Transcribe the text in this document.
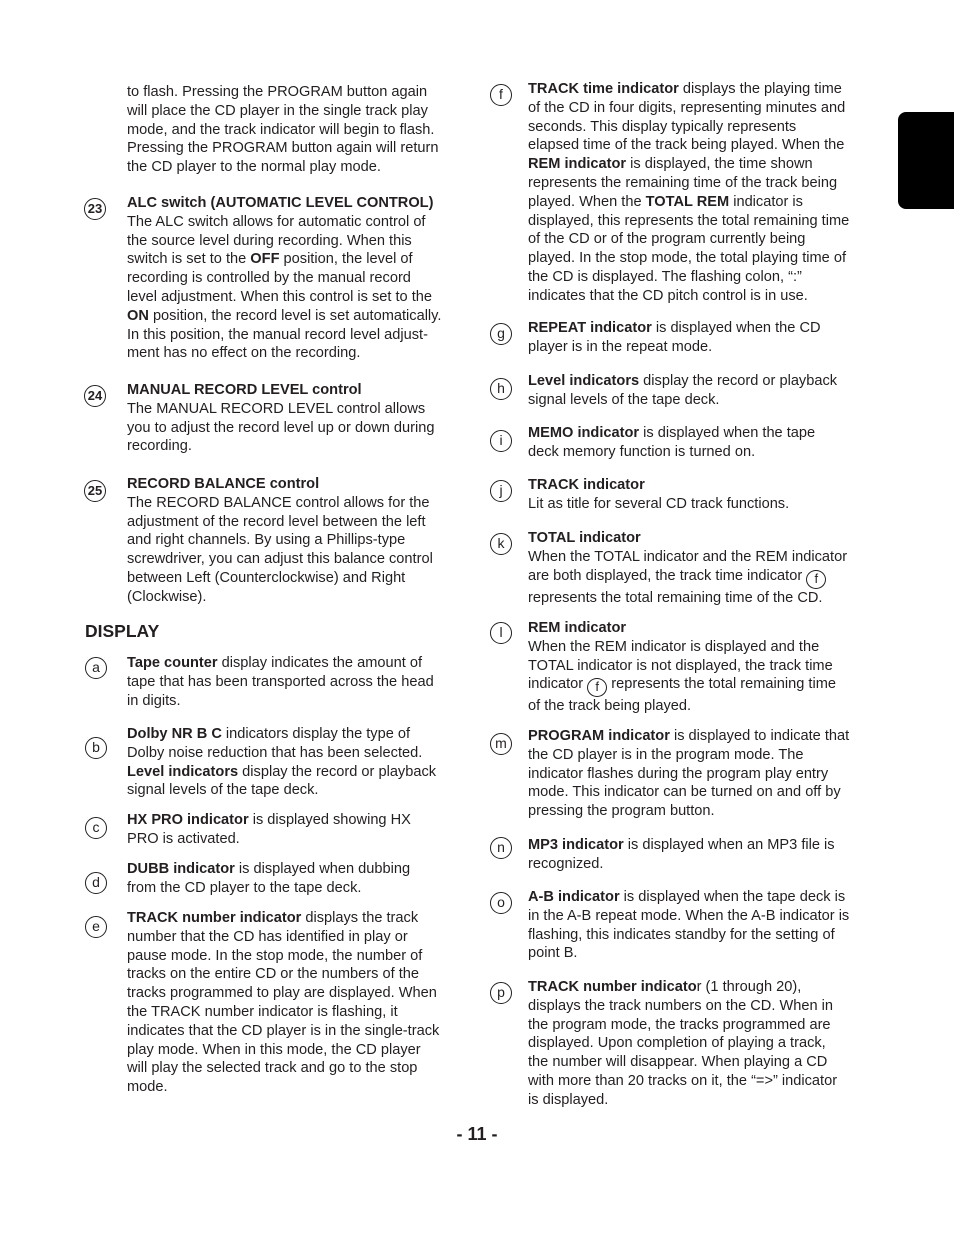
to flash. Pressing the PROGRAM button again

will place the CD player in the single track play

mode, and the track indicator will begin to flash.

Pressing the PROGRAM button again will return

the CD player to the normal play mode.

23 ALC switch (AUTOMATIC LEVEL CONTROL)

The ALC switch allows for automatic control of

the source level during recording. When this

switch is set to the OFF position, the level of

recording is controlled by the manual record

level adjustment. When this control is set to the

ON position, the record level is set automatically.

In this position, the manual record level adjust-

ment has no effect on the recording.

24 MANUAL RECORD LEVEL control

The MANUAL RECORD LEVEL control allows

you to adjust the record level up or down during

recording.

25 RECORD BALANCE control

The RECORD BALANCE control allows for the

adjustment of the record level between the left

and right channels. By using a Phillips-type

screwdriver, you can adjust this balance control

between Left (Counterclockwise) and Right

(Clockwise).

DISPLAY
a	Tape counter display indicates the amount of

tape that has been transported across the head

in digits.

b

Dolby NR B C indicators display the type of

Dolby noise reduction that has been selected.

Level indicators display the record or playback

signal levels of the tape deck.

c	HX PRO indicator is displayed showing HX

PRO is activated.

d

DUBB indicator is displayed when dubbing

from the CD player to the tape deck.

e	TRACK number indicator displays the track

number that the CD has identified in play or

pause mode. In the stop mode, the number of

tracks on the entire CD or the numbers of the

tracks programmed to play are displayed. When

the TRACK number indicator is flashing, it

indicates that the CD player is in the single-track

play mode. When in this mode, the CD player

will play the selected track and go to the stop

mode.

f	TRACK time indicator displays the playing time

of the CD in four digits, representing minutes and

seconds. This display typically represents

elapsed time of the track being played. When the

REM indicator is displayed, the time shown

represents the remaining time of the track being

played. When the TOTAL REM indicator is

displayed, this represents the total remaining time

of the CD or of the program currently being

played. In the stop mode, the total playing time of

the CD is displayed. The flashing colon, “:”

indicates that the CD pitch control is in use.

g	REPEAT indicator is displayed when the CD

player is in the repeat mode.

h	Level indicators display the record or playback

signal levels of the tape deck.

i	MEMO indicator is displayed when the tape

deck memory function is turned on.

j	TRACK indicator

Lit as title for several CD track functions.

k	TOTAL indicator

When the TOTAL indicator and the REM indicator

are both displayed, the track time indicator f

represents the total remaining time of the CD.

l	REM indicator

When the REM indicator is displayed and the

TOTAL indicator is not displayed, the track time

indicator f represents the total remaining time

of the track being played.

m	PROGRAM indicator is displayed to indicate that

the CD player is in the program mode. The

indicator flashes during the program play entry

mode. This indicator can be turned on and off by

pressing the program button.

n	MP3 indicator is displayed when an MP3 file is

recognized.

o	A-B indicator is displayed when the tape deck is

in the A-B repeat mode. When the A-B indicator is

flashing, this indicates standby for the setting of

point B.

p	TRACK number indicator (1 through 20),

displays the track numbers on the CD. When in

the program mode, the tracks programmed are

displayed. Upon completion of playing a track,

the number will disappear. When playing a CD

with more than 20 tracks on it, the “=>” indicator

is displayed.

- 11 -
